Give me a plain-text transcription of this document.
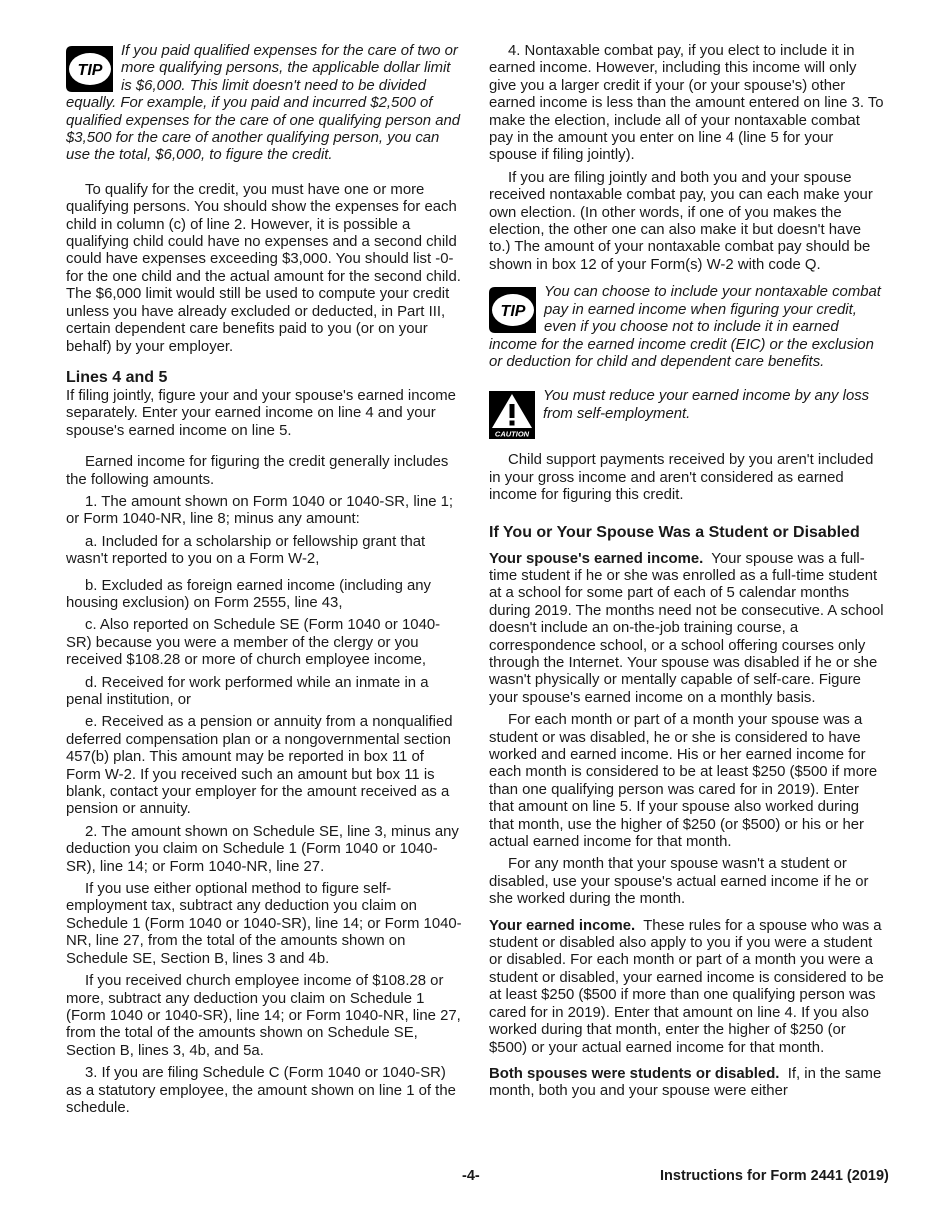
TIP
If you paid qualified expenses for the care of two or more qualifying persons, the applicable dollar limit is $6,000. This limit doesn't need to be divided equally. For example, if you paid and incurred $2,500 of qualified expenses for the care of one qualifying person and $3,500 for the care of another qualifying person, you can use the total, $6,000, to figure the credit.

To qualify for the credit, you must have one or more qualifying persons. You should show the expenses for each child in column (c) of line 2. However, it is possible a qualifying child could have no expenses and a second child could have expenses exceeding $3,000. You should list -0- for the one child and the actual amount for the second child. The $6,000 limit would still be used to compute your credit unless you have already excluded or deducted, in Part III, certain dependent care benefits paid to you (or on your behalf) by your employer.

Lines 4 and 5

If filing jointly, figure your and your spouse's earned income separately. Enter your earned income on line 4 and your spouse's earned income on line 5.

Earned income for figuring the credit generally includes the following amounts.

1. The amount shown on Form 1040 or 1040-SR, line 1; or Form 1040-NR, line 8; minus any amount:

a. Included for a scholarship or fellowship grant that wasn't reported to you on a Form W-2,

b. Excluded as foreign earned income (including any housing exclusion) on Form 2555, line 43,

c. Also reported on Schedule SE (Form 1040 or 1040-SR) because you were a member of the clergy or you received $108.28 or more of church employee income,

d. Received for work performed while an inmate in a penal institution, or

e. Received as a pension or annuity from a nonqualified deferred compensation plan or a nongovernmental section 457(b) plan. This amount may be reported in box 11 of Form W-2. If you received such an amount but box 11 is blank, contact your employer for the amount received as a pension or annuity.

2. The amount shown on Schedule SE, line 3, minus any deduction you claim on Schedule 1 (Form 1040 or 1040-SR), line 14; or Form 1040-NR, line 27.

If you use either optional method to figure self-employment tax, subtract any deduction you claim on Schedule 1 (Form 1040 or 1040-SR), line 14; or Form 1040-NR, line 27, from the total of the amounts shown on Schedule SE, Section B, lines 3 and 4b.

If you received church employee income of $108.28 or more, subtract any deduction you claim on Schedule 1 (Form 1040 or 1040-SR), line 14; or Form 1040-NR, line 27, from the total of the amounts shown on Schedule SE, Section B, lines 3, 4b, and 5a.

3. If you are filing Schedule C (Form 1040 or 1040-SR) as a statutory employee, the amount shown on line 1 of the schedule.

4. Nontaxable combat pay, if you elect to include it in earned income. However, including this income will only give you a larger credit if your (or your spouse's) other earned income is less than the amount entered on line 3. To make the election, include all of your nontaxable combat pay in the amount you enter on line 4 (line 5 for your spouse if filing jointly).

If you are filing jointly and both you and your spouse received nontaxable combat pay, you can each make your own election. (In other words, if one of you makes the election, the other one can also make it but doesn't have to.) The amount of your nontaxable combat pay should be shown in box 12 of your Form(s) W-2 with code Q.

TIP
You can choose to include your nontaxable combat pay in earned income when figuring your credit, even if you choose not to include it in earned income for the earned income credit (EIC) or the exclusion or deduction for child and dependent care benefits.
CAUTION
You must reduce your earned income by any loss from self-employment.

Child support payments received by you aren't included in your gross income and aren't considered as earned income for figuring this credit.

If You or Your Spouse Was a Student or Disabled

Your spouse's earned income. Your spouse was a full-time student if he or she was enrolled as a full-time student at a school for some part of each of 5 calendar months during 2019. The months need not be consecutive. A school doesn't include an on-the-job training course, a correspondence school, or a school offering courses only through the Internet. Your spouse was disabled if he or she wasn't physically or mentally capable of self-care. Figure your spouse's earned income on a monthly basis.

For each month or part of a month your spouse was a student or was disabled, he or she is considered to have worked and earned income. His or her earned income for each month is considered to be at least $250 ($500 if more than one qualifying person was cared for in 2019). Enter that amount on line 5. If your spouse also worked during that month, use the higher of $250 (or $500) or his or her actual earned income for that month.

For any month that your spouse wasn't a student or disabled, use your spouse's actual earned income if he or she worked during the month.

Your earned income. These rules for a spouse who was a student or disabled also apply to you if you were a student or disabled. For each month or part of a month you were a student or disabled, your earned income is considered to be at least $250 ($500 if more than one qualifying person was cared for in 2019). Enter that amount on line 4. If you also worked during that month, enter the higher of $250 (or $500) or your actual earned income for that month.

Both spouses were students or disabled. If, in the same month, both you and your spouse were either

-4-	Instructions for Form 2441 (2019)
